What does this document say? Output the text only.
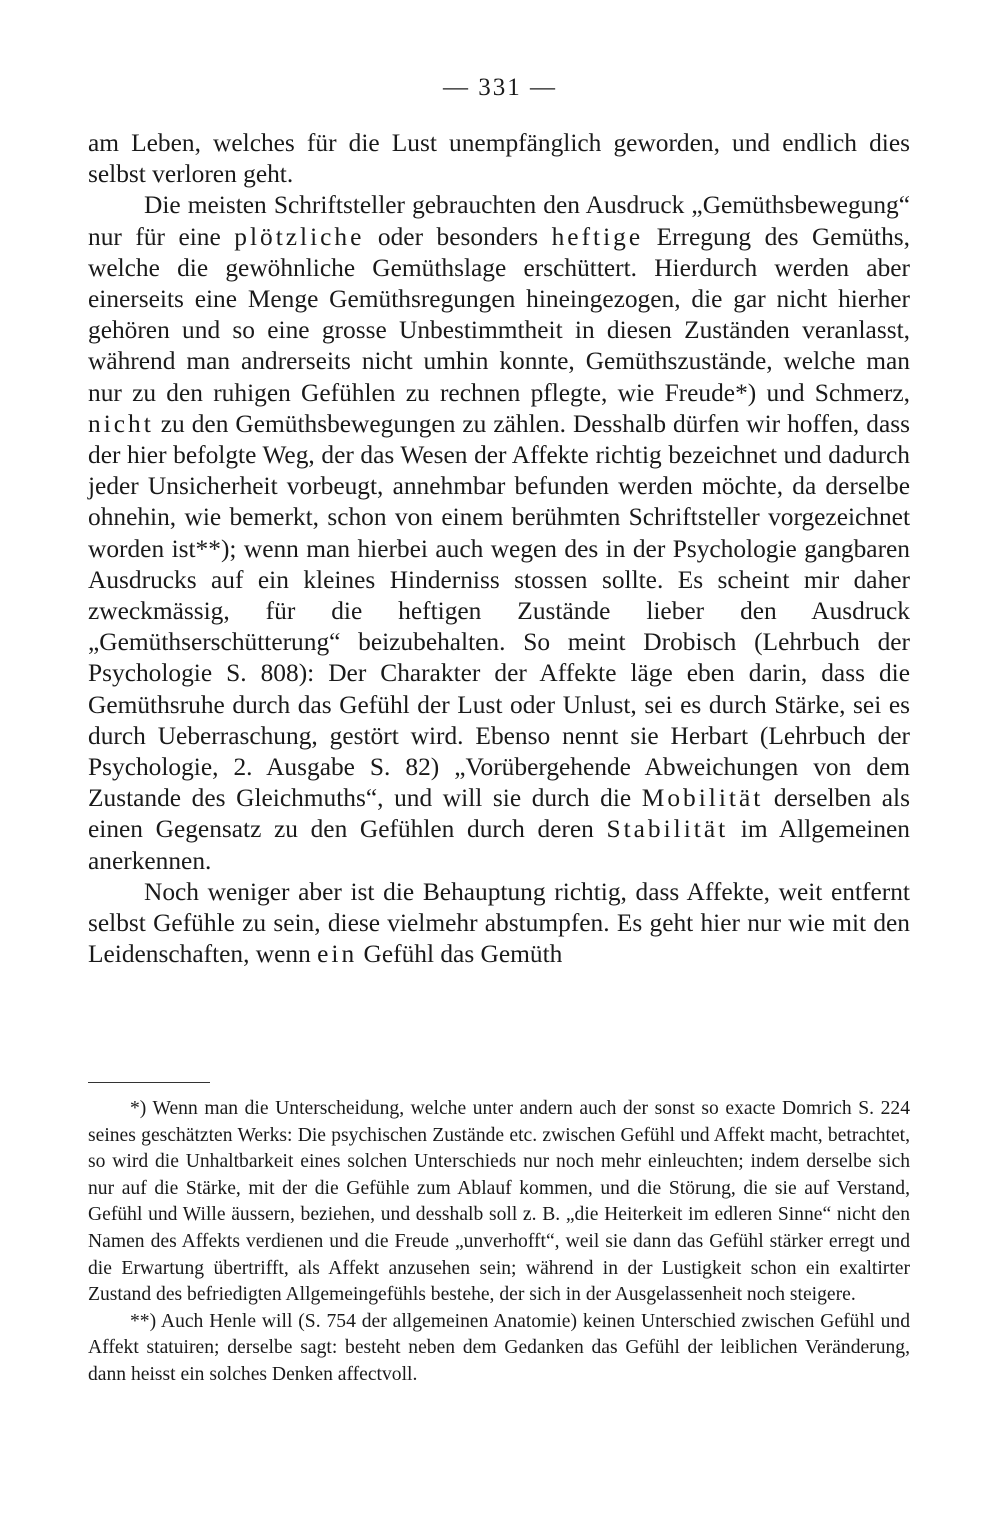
— 331 —

am Leben, welches für die Lust unempfänglich geworden, und endlich dies selbst verloren geht.

Die meisten Schriftsteller gebrauchten den Ausdruck „Gemüthsbewegung“ nur für eine plötzliche oder besonders heftige Erregung des Gemüths, welche die gewöhnliche Gemüthslage erschüttert. Hierdurch werden aber einerseits eine Menge Gemüthsregungen hineingezogen, die gar nicht hierher gehören und so eine grosse Unbestimmtheit in diesen Zuständen veranlasst, während man andrerseits nicht umhin konnte, Gemüthszustände, welche man nur zu den ruhigen Gefühlen zu rechnen pflegte, wie Freude*) und Schmerz, nicht zu den Gemüthsbewegungen zu zählen. Desshalb dürfen wir hoffen, dass der hier befolgte Weg, der das Wesen der Affekte richtig bezeichnet und dadurch jeder Unsicherheit vorbeugt, annehmbar befunden werden möchte, da derselbe ohnehin, wie bemerkt, schon von einem berühmten Schriftsteller vorgezeichnet worden ist**); wenn man hierbei auch wegen des in der Psychologie gangbaren Ausdrucks auf ein kleines Hinderniss stossen sollte. Es scheint mir daher zweckmässig, für die heftigen Zustände lieber den Ausdruck „Gemüthserschütterung“ beizubehalten. So meint Drobisch (Lehrbuch der Psychologie S. 808): Der Charakter der Affekte läge eben darin, dass die Gemüthsruhe durch das Gefühl der Lust oder Unlust, sei es durch Stärke, sei es durch Ueberraschung, gestört wird. Ebenso nennt sie Herbart (Lehrbuch der Psychologie, 2. Ausgabe S. 82) „Vorübergehende Abweichungen von dem Zustande des Gleichmuths“, und will sie durch die Mobilität derselben als einen Gegensatz zu den Gefühlen durch deren Stabilität im Allgemeinen anerkennen.

Noch weniger aber ist die Behauptung richtig, dass Affekte, weit entfernt selbst Gefühle zu sein, diese vielmehr abstumpfen. Es geht hier nur wie mit den Leidenschaften, wenn ein Gefühl das Gemüth

*) Wenn man die Unterscheidung, welche unter andern auch der sonst so exacte Domrich S. 224 seines geschätzten Werks: Die psychischen Zustände etc. zwischen Gefühl und Affekt macht, betrachtet, so wird die Unhaltbarkeit eines solchen Unterschieds nur noch mehr einleuchten; indem derselbe sich nur auf die Stärke, mit der die Gefühle zum Ablauf kommen, und die Störung, die sie auf Verstand, Gefühl und Wille äussern, beziehen, und desshalb soll z. B. „die Heiterkeit im edleren Sinne“ nicht den Namen des Affekts verdienen und die Freude „unverhofft“, weil sie dann das Gefühl stärker erregt und die Erwartung übertrifft, als Affekt anzusehen sein; während in der Lustigkeit schon ein exaltirter Zustand des befriedigten Allgemeingefühls bestehe, der sich in der Ausgelassenheit noch steigere.

**) Auch Henle will (S. 754 der allgemeinen Anatomie) keinen Unterschied zwischen Gefühl und Affekt statuiren; derselbe sagt: besteht neben dem Gedanken das Gefühl der leiblichen Veränderung, dann heisst ein solches Denken affectvoll.
